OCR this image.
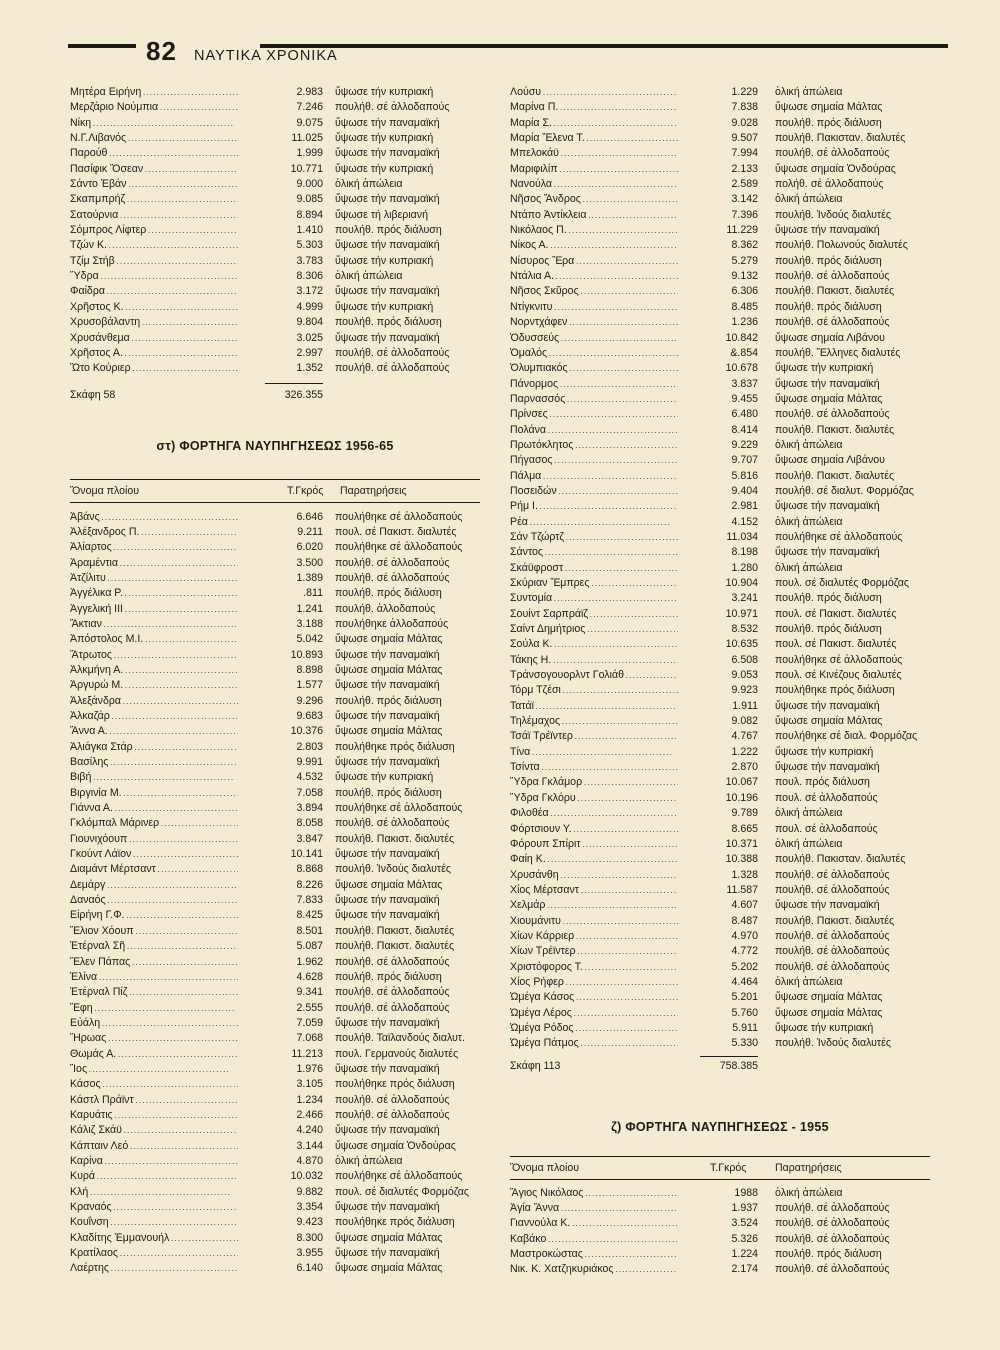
82 ΝΑΥΤΙΚΑ ΧΡΟΝΙΚΑ
Μητέρα Ειρήνη . . .	2.983 ὕψωσε τήν κυπριακή
Μερζάριο Νούμπια . . .	7.246 πουλήθ. σέ ἀλλοδαπούς
Νίκη . . .	9.075 ὕψωσε τήν παναμαϊκή
Ν.Γ.Λιβανός . . .	11.025 ὕψωσε τήν κυπριακή
Παρούθ . . .	1.999 ὕψωσε τήν παναμαϊκή
Πασίφικ Ὄσεαν . . .	10.771 ὕψωσε τήν κυπριακή
Σάντο Ἐβάν . . .	9.000 ὁλική ἀπώλεια
Σκαπμπρήζ . . .	9.085 ὕψωσε τήν παναμαϊκή
Σατούρνια . . .	8.894 ὕψωσε τή λιβεριανή
Σόμπρος Λίφτερ . . .	1.410 πουλήθ. πρός διάλυση
Τζών Κ. . . .	5.303 ὕψωσε τήν παναμαϊκή
Τζίμ Στήβ . . .	3.783 ὕψωσε τήν κυπριακή
Ὕδρα . . .	8.306 ὁλική ἀπώλεια
Φαίδρα . . .	3.172 ὕψωσε τήν παναμαϊκή
Χρῆστος Κ. . . .	4.999 ὕψωσε τήν κυπριακή
Χρυσοβάλαντη . . .	9.804 πουλήθ. πρός διάλυση
Χρυσάνθεμα . . .	3.025 ὕψωσε τήν παναμαϊκή
Χρῆστος Α. . . .	2.997 πουλήθ. σέ ἀλλοδαπούς
Ὤτο Κούριερ . . .	1.352 πουλήθ. σέ ἀλλοδαπούς
Σκάφη 58	326.355
στ) ΦΟΡΤΗΓΑ ΝΑΥΠΗΓΗΣΕΩΣ 1956-65
Ὄνομα πλοίου	Τ.Γκρός Παρατηρήσεις
Ἀβάνς . . .	6.646 πουλήθηκε σέ ἀλλοδαπούς
Ἀλέξανδρος Π. . . .	9.211 πουλ. σέ Πακιστ. διαλυτές
Ἀλίαρτος . . .	6.020 πουλήθηκε σέ ἀλλοδαπούς
Ἀραμέντια . . .	3.500 πουλήθ. σέ ἀλλοδαπούς
Ἀτζίλιτυ . . .	1.389 πουλήθ. σέ ἀλλοδαπούς
Ἀγγέλικα Ρ. . . .	.811 πουλήθ. πρός διάλυση
Ἀγγελική ΙΙΙ . . .	1.241 πουλήθ. ἀλλοδαπούς
Ἄκτιαν . . .	3.188 πουλήθηκε ἀλλοδαπούς
Ἀπόστολος Μ.Ι. . . .	5.042 ὕψωσε σημαία Μάλτας
Ἄτρωτος . . .	10.893 ὕψωσε τήν παναμαϊκή
Ἀλκμήνη Α. . . .	8.898 ὕψωσε σημαία Μάλτας
Ἀργυρώ Μ. . . .	1.577 ὕψωσε τήν παναμαϊκή
Ἀλεξάνδρα . . .	9.296 πουλήθ. πρός διάλυση
Ἀλκαζάρ . . .	9.683 ὕψωσε τήν παναμαϊκή
Ἄννα Α. . . .	10.376 ὕψωσε σημαία Μάλτας
Ἀλιάγκα Στάρ . . .	2.803 πουλήθηκε πρός διάλυση
Βασίλης . . .	9.991 ὕψωσε τήν παναμαϊκή
Βιβή . . .	4.532 ὕψωσε τήν κυπριακή
Βιργινία Μ. . . .	7.058 πουλήθ. πρός διάλυση
Γιάννα Α. . . .	3.894 πουλήθηκε σέ ἀλλοδαπούς
Γκλόμπαλ Μάρινερ . . .	8.058 πουλήθ. σέ ἀλλοδαπούς
Γιουνιχόουπ . . .	3.847 πουλήθ. Πακιστ. διαλυτές
Γκούντ Λάϊον . . .	10.141 ὕψωσε τήν παναμαϊκή
Διαμάντ Μέρτσαντ . . .	8.868 πουλήθ. Ἰνδούς διαλυτές
Δεμάργ . . .	8.226 ὕψωσε σημαία Μάλτας
Δαναός . . .	7.833 ὕψωσε τήν παναμαϊκή
Εἰρήνη Γ.Φ. . . .	8.425 ὕψωσε τήν παναμαϊκή
Ἔλιον Χόουπ . . .	8.501 πουλήθ. Πακιστ. διαλυτές
Ἐτέρναλ Σῆ . . .	5.087 πουλήθ. Πακιστ. διαλυτές
Ἔλεν Πάπας . . .	1.962 πουλήθ. σέ ἀλλοδαπούς
Ἐλίνα . . .	4.628 πουλήθ. πρός διάλυση
Ἐτέρναλ Πίζ . . .	9.341 πουλήθ. σέ ἀλλοδαπούς
Ἔφη . . .	2.555 πουλήθ. σέ ἀλλοδαπούς
Εὐάλη . . .	7.059 ὕψωσε τήν παναμαϊκή
Ἥρωας . . .	7.068 πουλήθ. Ταϊλανδούς διαλυτ.
Θωμάς Α. . . .	11.213 πουλ. Γερμανούς διαλυτές
Ἴος . . .	1.976 ὕψωσε τήν παναμαϊκή
Κάσος . . .	3.105 πουλήθηκε πρός διάλυση
Κάστλ Πράϊντ . . .	1.234 πουλήθ. σέ ἀλλοδαπούς
Καρυάτις . . .	2.466 πουλήθ. σέ ἀλλοδαπούς
Κάλιζ Σκάϋ . . .	4.240 ὕψωσε τήν παναμαϊκή
Κάπταιν Λεό . . .	3.144 ὕψωσε σημαία Ὀνδούρας
Καρίνα . . .	4.870 ὁλική ἀπώλεια
Κυρά . . .	10.032 πουλήθηκε σέ ἀλλοδαπούς
Κλή . . .	9.882 πουλ. σέ διαλυτές Φορμόζας
Κραναός . . .	3.354 ὕψωσε τήν παναμαϊκή
Κουΐνση . . .	9.423 πουλήθηκε πρός διάλυση
Κλαδίτης Ἐμμανουήλ . . .	8.300 ὕψωσε σημαία Μάλτας
Κρατίλαος . . .	3.955 ὕψωσε τήν παναμαϊκή
Λαέρτης . . .	6.140 ὕψωσε σημαία Μάλτας
Λούσυ . . .	1.229 ὁλική ἀπώλεια
Μαρίνα Π. . . .	7.838 ὕψωσε σημαία Μάλτας
Μαρία Σ. . . .	9.028 πουλήθ. πρός διάλυση
Μαρία Ἔλενα Τ. . . .	9.507 πουλήθ. Πακισταν. διαλυτές
Μπελοκάϋ . . .	7.994 πουλήθ. σέ ἀλλοδαπούς
Μαριφιλίπ . . .	2.133 ὕψωσε σημαία Ὀνδούρας
Νανούλα . . .	2.589 πολήθ. σέ ἀλλοδαπούς
Νῆσος Ἄνδρος . . .	3.142 ὁλική ἀπώλεια
Ντάπο Ἀντίκλεια . . .	7.396 πουλήθ. Ἰνδούς διαλυτές
Νικόλαος Π. . . .	11.229 ὕψωσε τήν παναμαϊκή
Νίκος Α. . . .	8.362 πουλήθ. Πολωνούς διαλυτές
Νίσυρος Ἔρα . . .	5.279 πουλήθ. πρός διάλυση
Ντάλια Α. . . .	9.132 πουλήθ. σέ ἀλλοδαπούς
Νῆσος Σκῦρος . . .	6.306 πουλήθ. Πακιστ. διαλυτές
Ντίγκνιτυ . . .	8.485 πουλήθ. πρός διάλυση
Νορντχάφεν . . .	1.236 πουλήθ. σέ ἀλλοδαπούς
Ὀδυσσεύς . . .	10.842 ὕψωσε σημαία Λιβάνου
Ὁμαλός . . .	&.854 πουλήθ. Ἕλληνες διαλυτές
Ὀλυμπιακός . . .	10.678 ὕψωσε τήν κυπριακή
Πάνορμος . . .	3.837 ὕψωσε τήν παναμαϊκή
Παρνασσός . . .	9.455 ὕψωσε σημαία Μάλτας
Πρίνσες . . .	6.480 πουλήθ. σέ ἀλλοδαπούς
Πολάνα . . .	8.414 πουλήθ. Πακιστ. διαλυτές
Πρωτόκλητος . . .	9.229 ὁλική ἀπώλεια
Πήγασος . . .	9.707 ὕψωσε σημαία Λιβάνου
Πάλμα . . .	5.816 πουλήθ. Πακιστ. διαλυτές
Ποσειδών . . .	9.404 πουλήθ. σέ διαλυτ. Φορμόζας
Ρήμ Ι. . . .	2.981 ὕψωσε τήν παναμαϊκή
Ρέα . . .	4.152 ὁλική ἀπώλεια
Σάν Τζώρτζ . . .	11.034 πουλήθηκε σέ ἀλλοδαπούς
Σάντος . . .	8.198 ὕψωσε τήν παναμαϊκή
Σκάϋφροστ . . .	1.280 ὁλική ἀπώλεια
Σκύριαν Ἔμπρες . . .	10.904 πουλ. σέ διαλυτές Φορμόζας
Συντομία . . .	3.241 πουλήθ. πρός διάλυση
Σουίντ Σαρπράϊζ . . .	10.971 πουλ. σέ Πακιστ. διαλυτές
Σαίντ Δημήτριος . . .	8.532 πουλήθ. πρός διάλυση
Σούλα Κ. . . .	10.635 πουλ. σέ Πακιστ. διαλυτές
Τάκης Η. . . .	6.508 πουλήθηκε σέ ἀλλοδαπούς
Τράνσογουορλντ Γολιάθ . . .	9.053 πουλ. σέ Κινέζους διαλυτές
Τόρμ Τζέσι . . .	9.923 πουλήθηκε πρός διάλυση
Τατάϊ . . .	1.911 ὕψωσε τήν παναμαϊκή
Τηλέμαχος . . .	9.082 ὕψωσε σημαία Μάλτας
Τσάϊ Τρέϊντερ . . .	4.767 πουλήθηκε σέ διαλ. Φορμόζας
Τίνα . . .	1.222 ὕψωσε τήν κυπριακή
Τσίντα . . .	2.870 ὕψωσε τήν παναμαϊκή
Ὕδρα Γκλάμορ . . .	10.067 πουλ. πρός διάλυση
Ὕδρα Γκλόρυ . . .	10.196 πουλ. σέ ἀλλοδαπούς
Φιλοθέα . . .	9.789 ὁλική ἀπώλεια
Φόρτσιουν Υ. . . .	8.665 πουλ. σέ ἀλλοδαπούς
Φόρουπ Σπίριτ . . .	10.371 ὁλική ἀπώλεια
Φαίη Κ. . . .	10.388 πουλήθ. Πακισταν. διαλυτές
Χρυσάνθη . . .	1.328 πουλήθ. σέ ἀλλοδαπούς
Χίος Μέρτσαντ . . .	11.587 πουλήθ. σέ ἀλλοδαπούς
Χελμάρ . . .	4.607 ὕψωσε τήν παναμαϊκή
Χιουμάνιτυ . . .	8.487 πουλήθ. Πακιστ. διαλυτές
Χίων Κάρριερ . . .	4.970 πουλήθ. σέ ἀλλοδαπούς
Χίων Τρέϊντερ . . .	4.772 πουλήθ. σέ ἀλλοδαπούς
Χριστόφορος Τ. . . .	5.202 πουλήθ. σέ ἀλλοδαπούς
Χίος Ρήφερ . . .	4.464 ὁλική ἀπώλεια
Ὠμέγα Κάσος . . .	5.201 ὕψωσε σημαία Μάλτας
Ὠμέγα Λέρος . . .	5.760 ὕψωσε σημαία Μάλτας
Ὠμέγα Ρόδος . . .	5.911 ὕψωσε τήν κυπριακή
Ὠμέγα Πάτμος . . .	5.330 πουλήθ. Ἰνδούς διαλυτές
Σκάφη 113	758.385
ζ) ΦΟΡΤΗΓΑ ΝΑΥΠΗΓΗΣΕΩΣ - 1955
Ὄνομα πλοίου	Τ.Γκρός	Παρατηρήσεις
Ἅγιος Νικόλαος . . .	1988 ὁλική ἀπώλεια
Ἀγία Ἄννα . . .	1.937 πουλήθ. σέ ἀλλοδαπούς
Γιαννούλα Κ. . . .	3.524 πουλήθ. σέ ἀλλοδαπούς
Καβάκο . . .	5.326 πουλήθ. σέ ἀλλοδαπούς
Μαστροκώστας . . .	1.224 πουλήθ. πρός διάλυση
Νικ. Κ. Χατζηκυριάκος . . .	2.174 πουλήθ. σέ ἀλλοδαπούς
